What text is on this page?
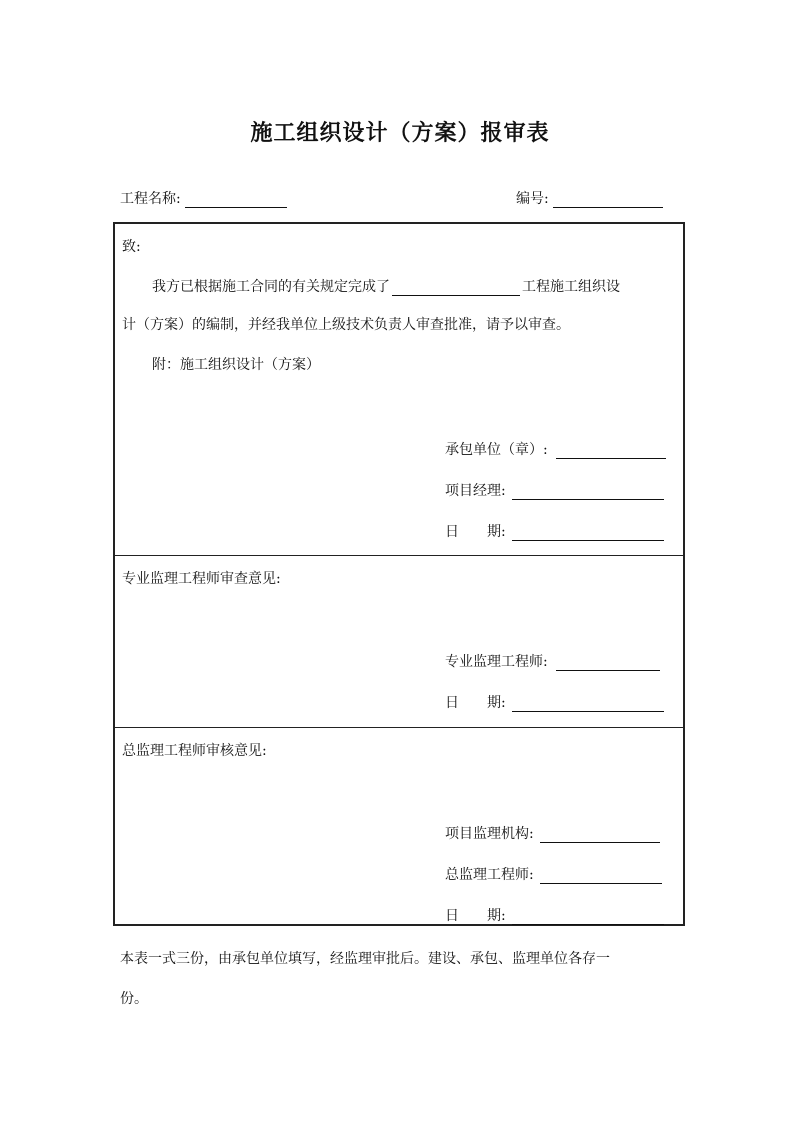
施工组织设计（方案）报审表
工程名称:	编号:
致:
我方已根据施工合同的有关规定完成了	工程施工组织设
计（方案）的编制，并经我单位上级技术负责人审查批准，请予以审查。
附：施工组织设计（方案）
承包单位（章）:
项目经理:
日　　期:
专业监理工程师审查意见:
专业监理工程师:
日　　期:
总监理工程师审核意见:
项目监理机构:
总监理工程师:
日　　期:
本表一式三份，由承包单位填写，经监理审批后。建设、承包、监理单位各存一
份。
